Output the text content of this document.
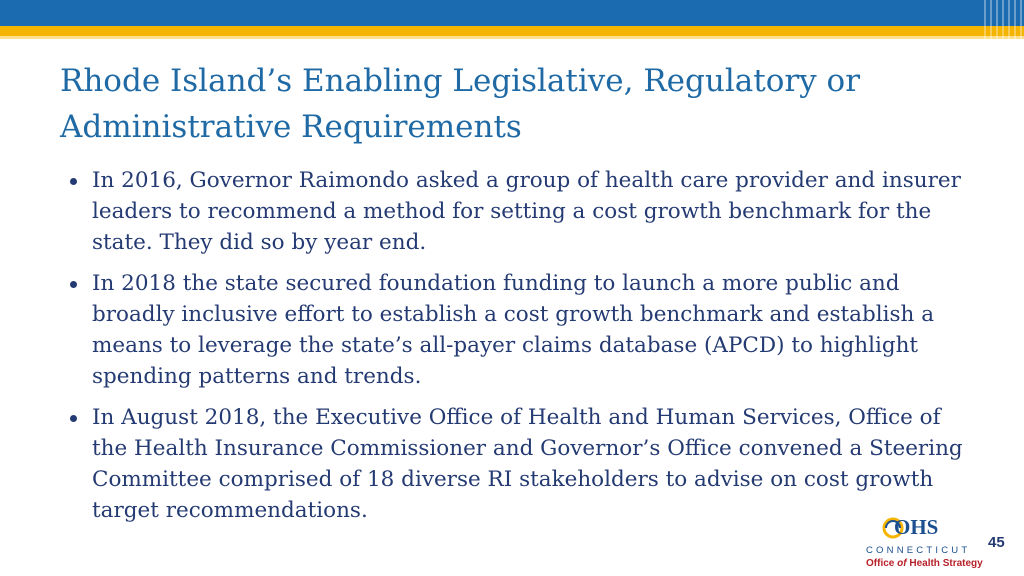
Rhode Island’s Enabling Legislative, Regulatory or Administrative Requirements
In 2016, Governor Raimondo asked a group of health care provider and insurer leaders to recommend a method for setting a cost growth benchmark for the state. They did so by year end.
In 2018 the state secured foundation funding to launch a more public and broadly inclusive effort to establish a cost growth benchmark and establish a means to leverage the state’s all-payer claims database (APCD) to highlight spending patterns and trends.
In August 2018, the Executive Office of Health and Human Services, Office of the Health Insurance Commissioner and Governor’s Office convened a Steering Committee comprised of 18 diverse RI stakeholders to advise on cost growth target recommendations.
OHS
CONNECTICUT
Office of Health Strategy
45
